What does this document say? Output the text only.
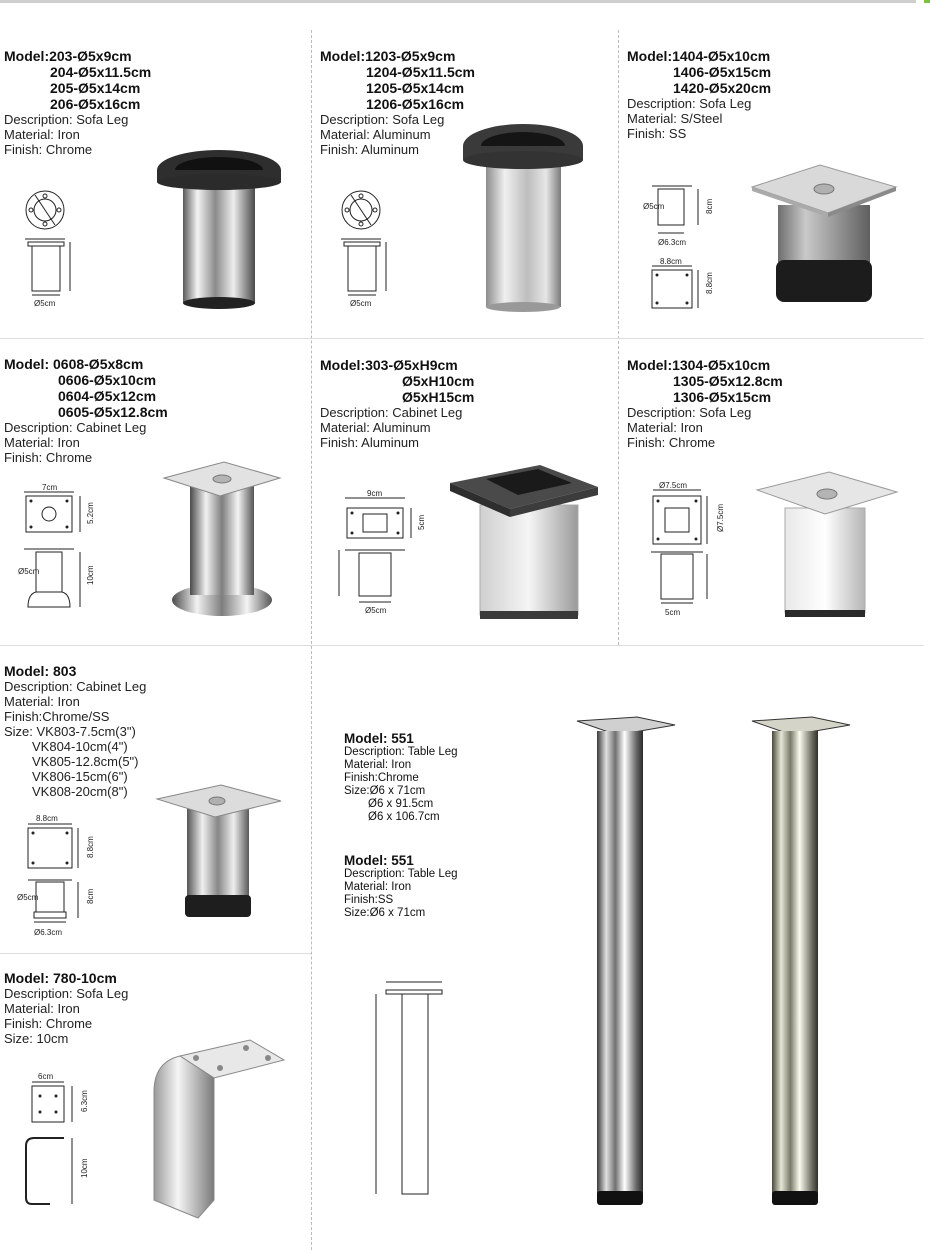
Model:203-Ø5x9cm
204-Ø5x11.5cm
205-Ø5x14cm
206-Ø5x16cm
Description: Sofa Leg
Material: Iron
Finish: Chrome
Ø5cm
Model:1203-Ø5x9cm
1204-Ø5x11.5cm
1205-Ø5x14cm
1206-Ø5x16cm
Description: Sofa Leg
Material: Aluminum
Finish: Aluminum
Ø5cm
Model:1404-Ø5x10cm
1406-Ø5x15cm
1420-Ø5x20cm
Description: Sofa Leg
Material: S/Steel
Finish: SS
8cm
Ø5cm
Ø6.3cm
8.8cm
8.8cm
Model: 0608-Ø5x8cm
0606-Ø5x10cm
0604-Ø5x12cm
0605-Ø5x12.8cm
Description: Cabinet Leg
Material: Iron
Finish: Chrome
7cm
5.2cm
10cm
Ø5cm
Model:303-Ø5xH9cm
Ø5xH10cm
Ø5xH15cm
Description: Cabinet Leg
Material: Aluminum
Finish: Aluminum
9cm
5cm
Ø5cm
Model:1304-Ø5x10cm
1305-Ø5x12.8cm
1306-Ø5x15cm
Description: Sofa Leg
Material: Iron
Finish: Chrome
Ø7.5cm
Ø7.5cm
5cm
Model: 803
Description: Cabinet Leg
Material: Iron
Finish:Chrome/SS
Size: VK803-7.5cm(3")
VK804-10cm(4")
VK805-12.8cm(5")
VK806-15cm(6")
VK808-20cm(8")
8.8cm
8.8cm
8cm
Ø5cm
Ø6.3cm
Model: 780-10cm
Description: Sofa Leg
Material: Iron
Finish: Chrome
Size: 10cm
6cm
6.3cm
10cm
Model: 551
Description: Table Leg
Material: Iron
Finish:Chrome
Size:Ø6 x 71cm
Ø6 x 91.5cm
Ø6 x 106.7cm
Model: 551
Description: Table Leg
Material: Iron
Finish:SS
Size:Ø6 x 71cm
